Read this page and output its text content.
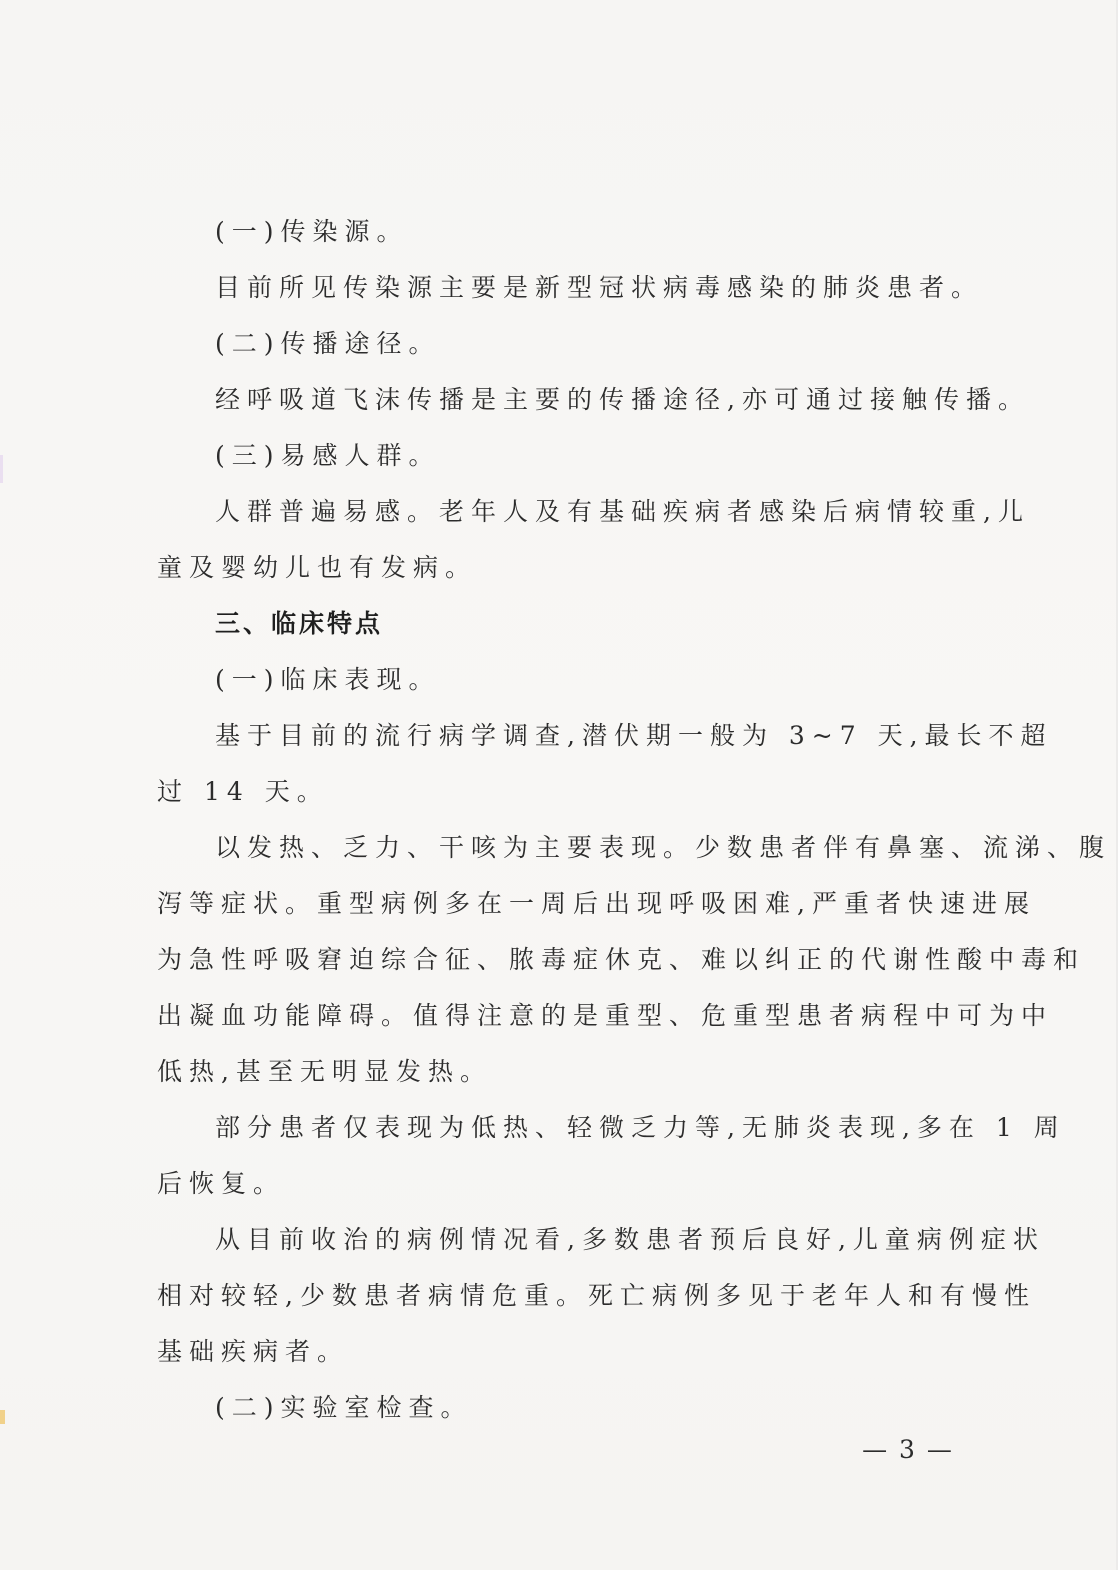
(一)传染源。
目前所见传染源主要是新型冠状病毒感染的肺炎患者。
(二)传播途径。
经呼吸道飞沫传播是主要的传播途径,亦可通过接触传播。
(三)易感人群。
人群普遍易感。老年人及有基础疾病者感染后病情较重,儿
童及婴幼儿也有发病。
三、临床特点
(一)临床表现。
基于目前的流行病学调查,潜伏期一般为 3~7 天,最长不超
过 14 天。
以发热、乏力、干咳为主要表现。少数患者伴有鼻塞、流涕、腹
泻等症状。重型病例多在一周后出现呼吸困难,严重者快速进展
为急性呼吸窘迫综合征、脓毒症休克、难以纠正的代谢性酸中毒和
出凝血功能障碍。值得注意的是重型、危重型患者病程中可为中
低热,甚至无明显发热。
部分患者仅表现为低热、轻微乏力等,无肺炎表现,多在 1 周
后恢复。
从目前收治的病例情况看,多数患者预后良好,儿童病例症状
相对较轻,少数患者病情危重。死亡病例多见于老年人和有慢性
基础疾病者。
(二)实验室检查。
— 3 —
